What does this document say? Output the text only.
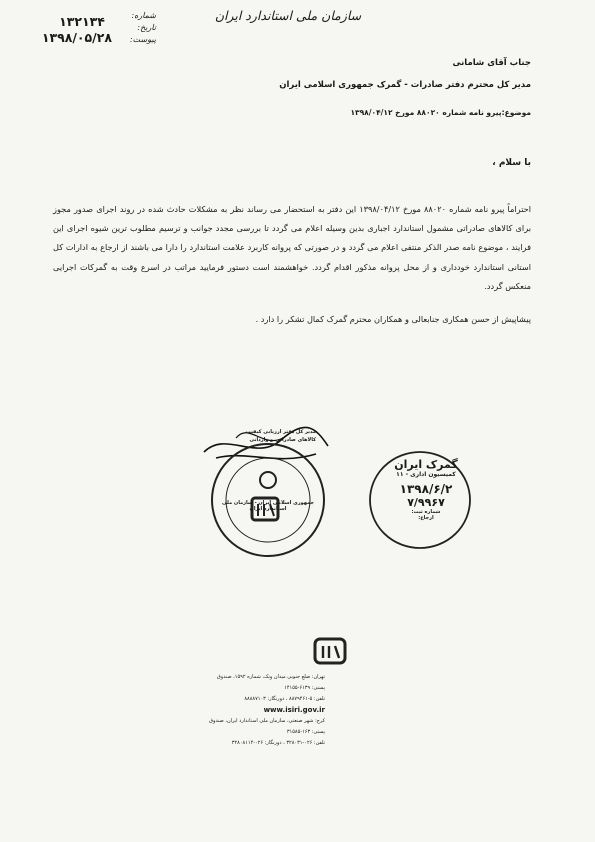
سازمان ملی استاندارد ایران
شماره:
تاریخ:
پیوست:
۱۳۲۱۳۴
۱۳۹۸/۰۵/۲۸
جناب آقای شامانی
مدیر کل محترم دفتر صادرات - گمرک جمهوری اسلامی ایران
موضوع:پیرو نامه شماره ۸۸۰۲۰ مورخ ۱۳۹۸/۰۴/۱۲
با سلام ،
احتراماً پیرو نامه شماره ۸۸۰۲۰ مورخ ۱۳۹۸/۰۴/۱۲ این دفتر به استحضار می رساند نظر به مشکلات حادث شده در روند اجرای صدور مجوز برای کالاهای صادراتی مشمول استاندارد اجباری بدین وسیله اعلام می گردد تا بررسی مجدد جوانب و ترسیم مطلوب ترین شیوه اجرای این فرایند ، موضوع نامه صدر الذکر منتفی اعلام می گردد و در صورتی که پروانه کاربرد علامت استاندارد را دارا می باشند از ارجاع به ادارات کل استانی استاندارد خودداری و از محل پروانه مذکور اقدام گردد. خواهشمند است دستور فرمایید مراتب در اسرع وقت به گمرکات اجرایی منعکس گردد.
پیشاپیش از حسن همکاری جنابعالی و همکاران محترم گمرک کمال تشکر را دارد .
مدیر کل دفتر ارزیابی کیفیت
کالاهای صادراتی و وارداتی
جمهوری اسلامی ایران - سازمان ملی استاندارد ایران
گمرک ایران
کمیسیون اداری - ۱۱
۱۳۹۸/۶/۲
۷/۹۹۶۷
شماره ثبت:
ارجاع:
تهران: ضلع جنوبی میدان ونک، شماره ۱۵۹۲، صندوق پستی: ۶۱۳۹-۱۴۱۵۵
تلفن: ۵-۸۸۷۹۴۶۱ ، دورنگار: ۸۸۸۸۷۱۰۳
www.isiri.gov.ir
کرج: شهر صنعتی، سازمان ملی استاندارد ایران، صندوق پستی: ۱۶۳-۳۱۵۸۵
تلفن: ۰۲۶-۳۲۸۰۳۱ ، دورنگار: ۰۲۶-۳۲۸۰۸۱۱۴
